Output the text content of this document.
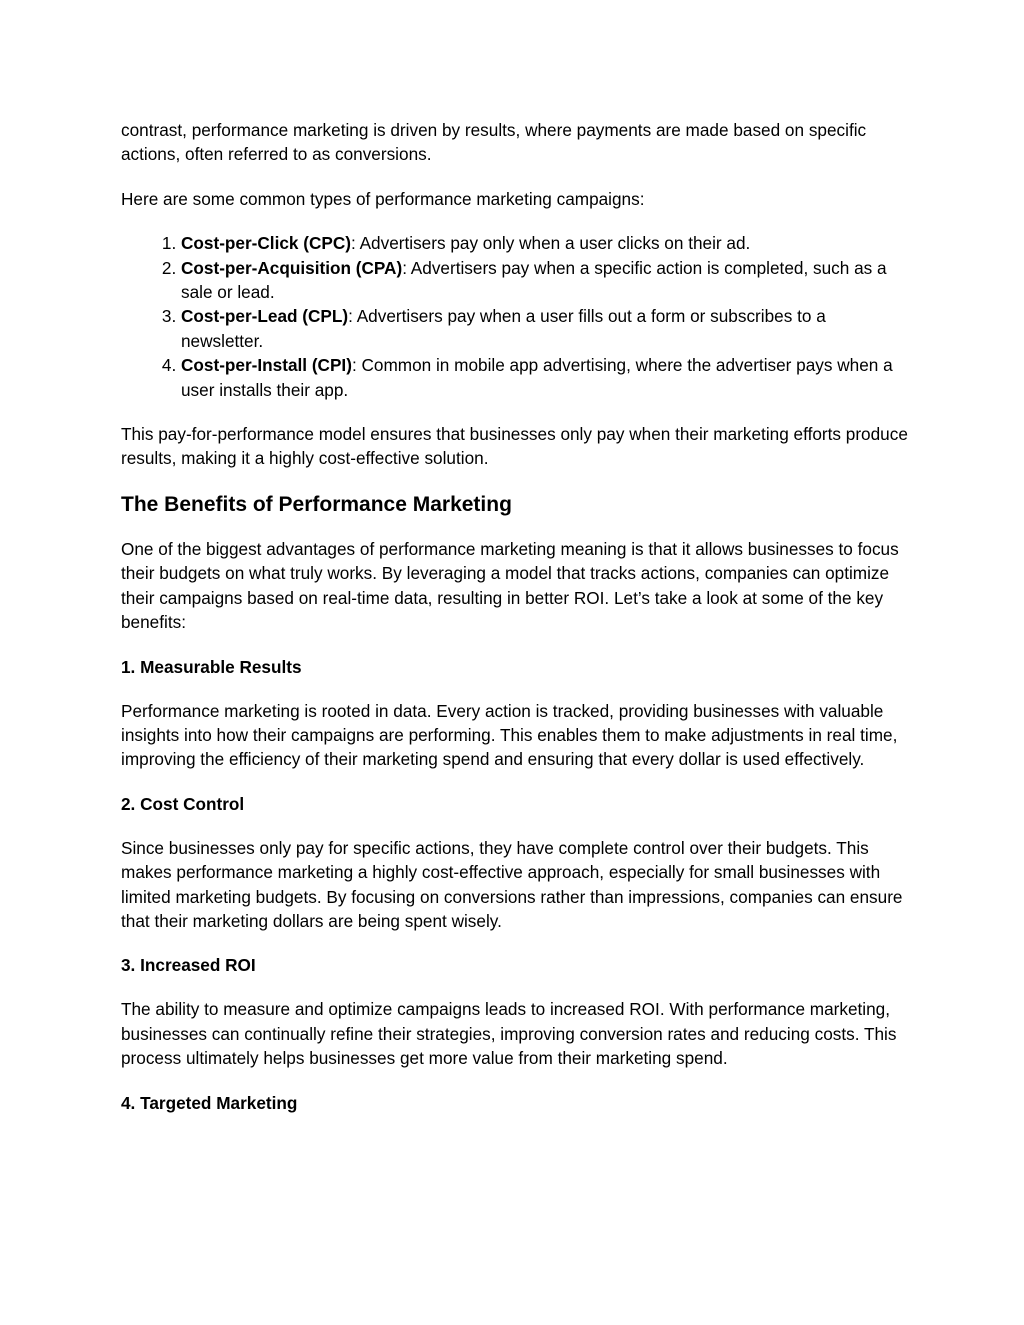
contrast, performance marketing is driven by results, where payments are made based on specific actions, often referred to as conversions.

Here are some common types of performance marketing campaigns:

1. Cost-per-Click (CPC): Advertisers pay only when a user clicks on their ad.
2. Cost-per-Acquisition (CPA): Advertisers pay when a specific action is completed, such as a sale or lead.
3. Cost-per-Lead (CPL): Advertisers pay when a user fills out a form or subscribes to a newsletter.
4. Cost-per-Install (CPI): Common in mobile app advertising, where the advertiser pays when a user installs their app.

This pay-for-performance model ensures that businesses only pay when their marketing efforts produce results, making it a highly cost-effective solution.

The Benefits of Performance Marketing

One of the biggest advantages of performance marketing meaning is that it allows businesses to focus their budgets on what truly works. By leveraging a model that tracks actions, companies can optimize their campaigns based on real-time data, resulting in better ROI. Let’s take a look at some of the key benefits:

1. Measurable Results

Performance marketing is rooted in data. Every action is tracked, providing businesses with valuable insights into how their campaigns are performing. This enables them to make adjustments in real time, improving the efficiency of their marketing spend and ensuring that every dollar is used effectively.

2. Cost Control

Since businesses only pay for specific actions, they have complete control over their budgets. This makes performance marketing a highly cost-effective approach, especially for small businesses with limited marketing budgets. By focusing on conversions rather than impressions, companies can ensure that their marketing dollars are being spent wisely.

3. Increased ROI

The ability to measure and optimize campaigns leads to increased ROI. With performance marketing, businesses can continually refine their strategies, improving conversion rates and reducing costs. This process ultimately helps businesses get more value from their marketing spend.

4. Targeted Marketing
